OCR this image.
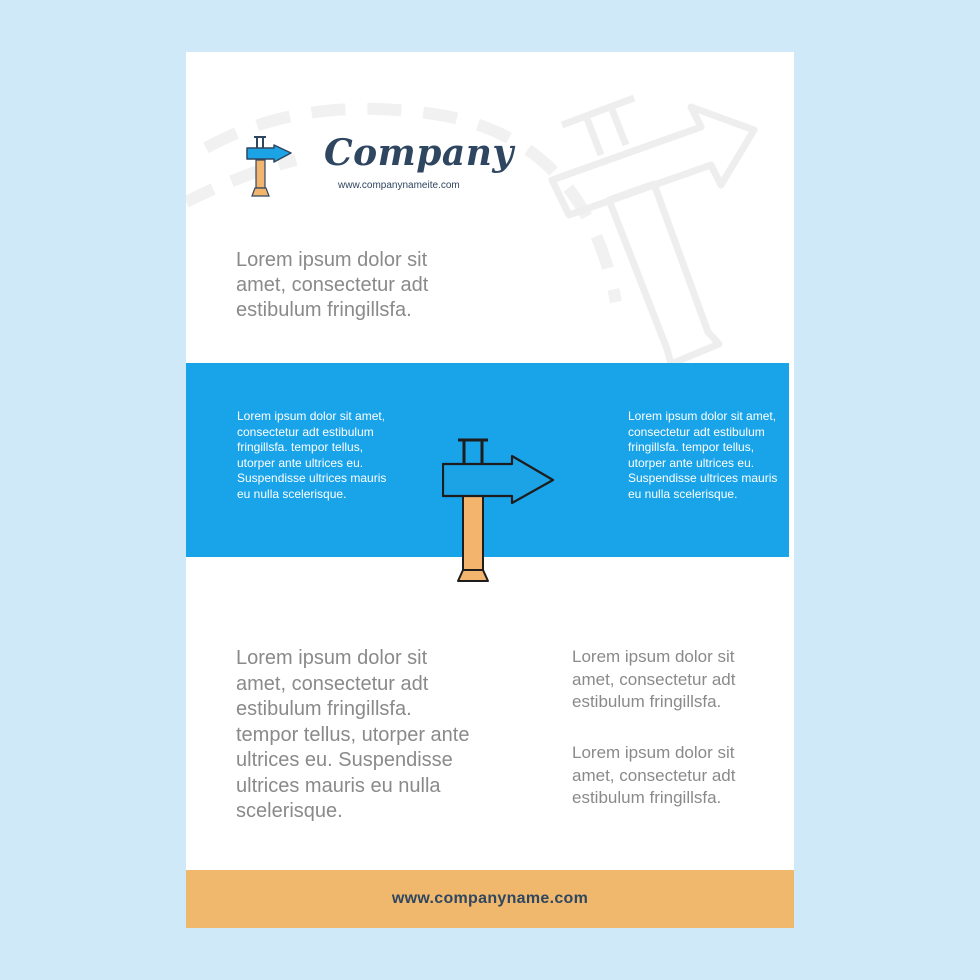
Company
www.companynameite.com
Lorem ipsum dolor sit amet, consectetur adt estibulum fringillsfa.
Lorem ipsum dolor sit amet, consectetur adt estibulum fringillsfa. tempor tellus, utorper ante ultrices eu. Suspendisse ultrices mauris eu nulla scelerisque.
Lorem ipsum dolor sit amet, consectetur adt estibulum fringillsfa. tempor tellus, utorper ante ultrices eu. Suspendisse ultrices mauris eu nulla scelerisque.
Lorem ipsum dolor sit amet, consectetur adt estibulum fringillsfa. tempor tellus, utorper ante ultrices eu. Suspendisse ultrices mauris eu nulla scelerisque.
Lorem ipsum dolor sit amet, consectetur adt estibulum fringillsfa.
Lorem ipsum dolor sit amet, consectetur adt estibulum fringillsfa.
www.companyname.com
